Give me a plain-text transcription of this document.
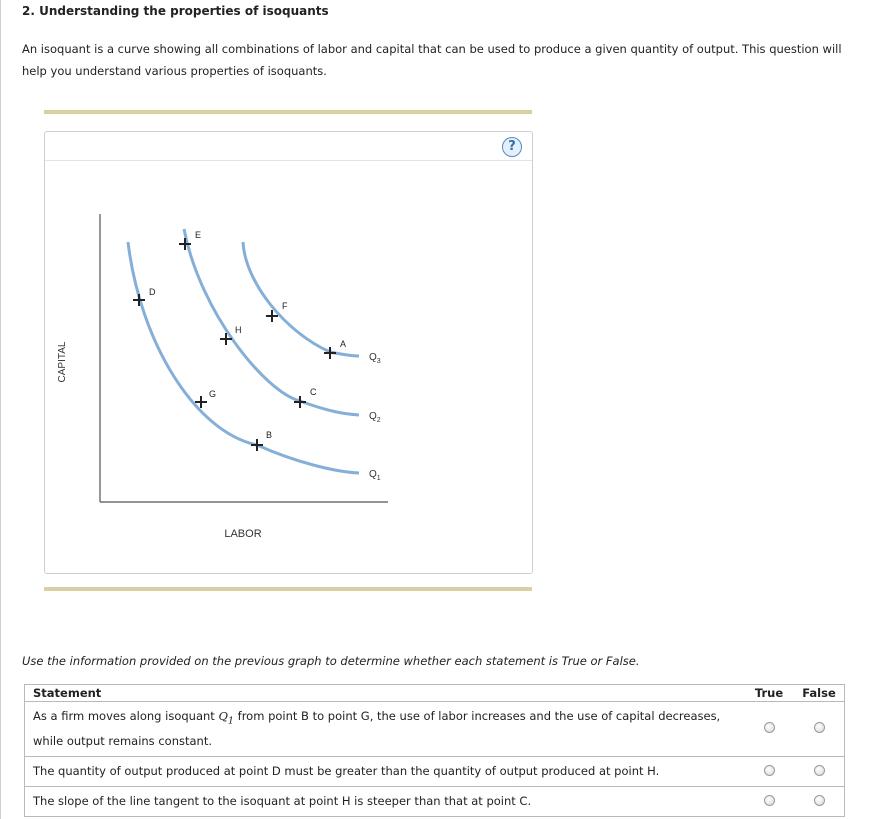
2. Understanding the properties of isoquants
An isoquant is a curve showing all combinations of labor and capital that can be used to produce a given quantity of output. This question will help you understand various properties of isoquants.
?
CAPITAL
LABOR
$Q_1$
$Q_2$
$Q_3$
E
D
F
H
A
G	C
B
Use the information provided on the previous graph to determine whether each statement is True or False.
Statement	True	False
As a firm moves along isoquant $Q_1$ from point B to point G, the use of labor increases and the use of capital decreases, while output remains constant.		
The quantity of output produced at point D must be greater than the quantity of output produced at point H.		
The slope of the line tangent to the isoquant at point H is steeper than that at point C.		
